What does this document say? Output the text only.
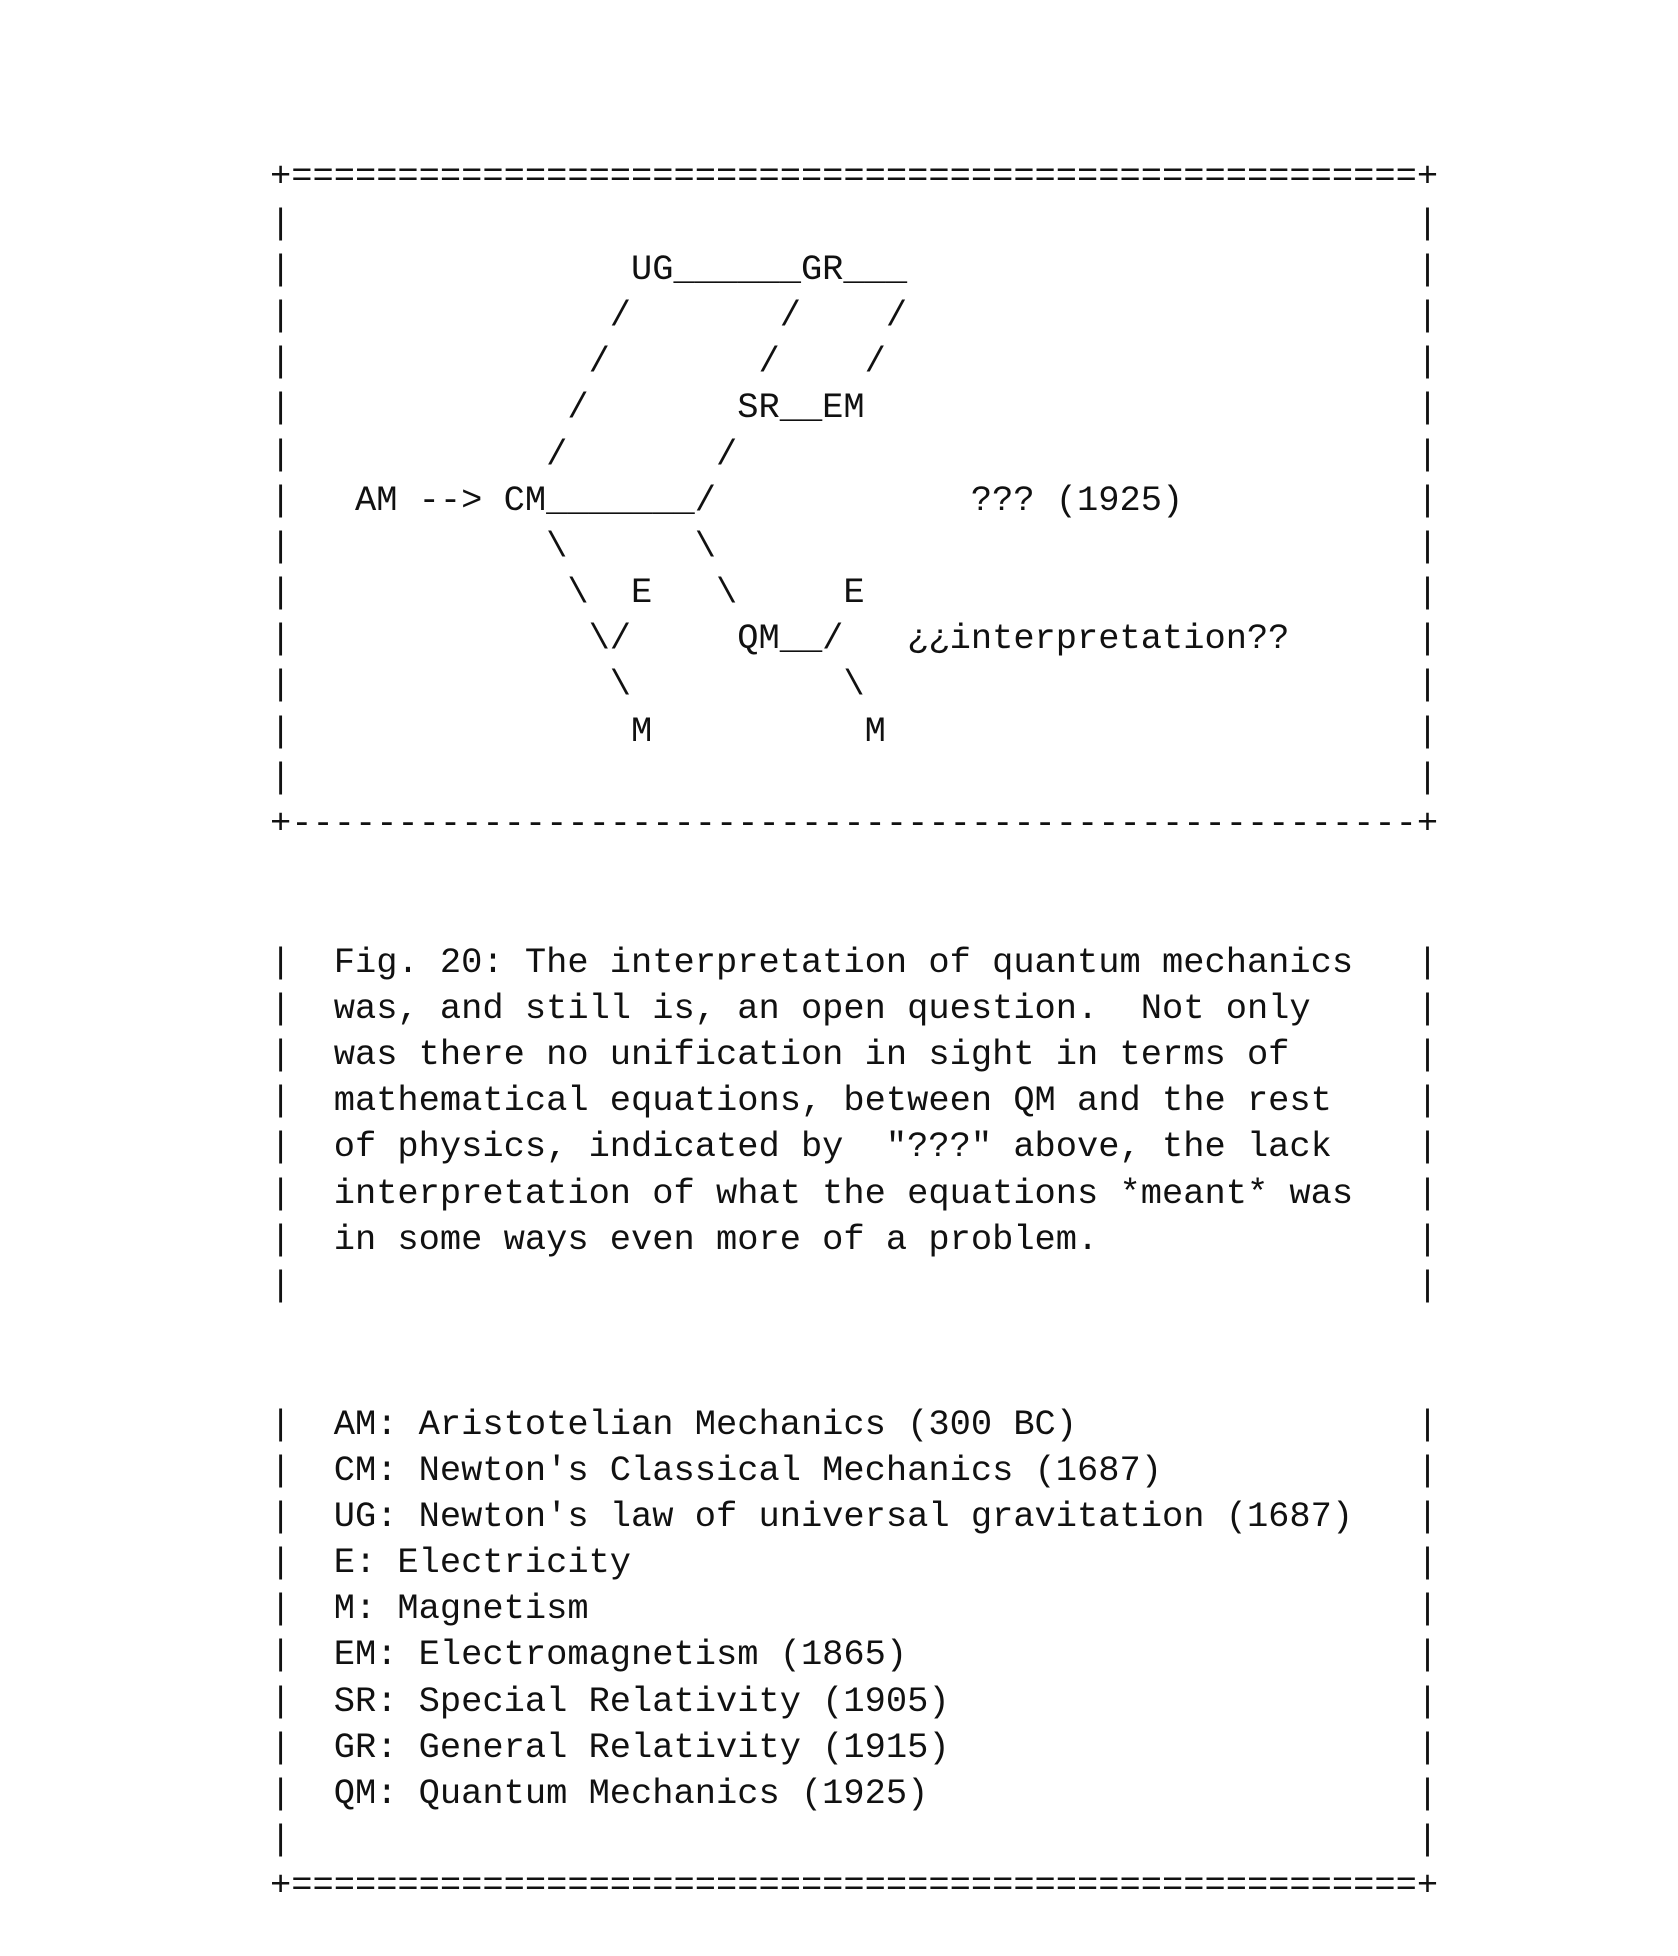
+=====================================================+
|                                                     |
|                UG______GR___                        |
|               /       /    /                        |
|              /       /    /                         |
|             /       SR__EM                          |
|            /       /                                |
|   AM --> CM_______/            ??? (1925)           |
|            \      \                                 |
|             \  E   \     E                          |
|              \/     QM__/   ¿¿interpretation??      |
|               \          \                          |
|                M          M                         |
|                                                     |
+-----------------------------------------------------+

|  Fig. 20: The interpretation of quantum mechanics   |
|  was, and still is, an open question.  Not only     |
|  was there no unification in sight in terms of      |
|  mathematical equations, between QM and the rest    |
|  of physics, indicated by  "???" above, the lack    |
|  interpretation of what the equations *meant* was   |
|  in some ways even more of a problem.               |
|                                                     |

|  AM: Aristotelian Mechanics (300 BC)                |
|  CM: Newton's Classical Mechanics (1687)            |
|  UG: Newton's law of universal gravitation (1687)   |
|  E: Electricity                                     |
|  M: Magnetism                                       |
|  EM: Electromagnetism (1865)                        |
|  SR: Special Relativity (1905)                      |
|  GR: General Relativity (1915)                      |
|  QM: Quantum Mechanics (1925)                       |
|                                                     |
+=====================================================+
